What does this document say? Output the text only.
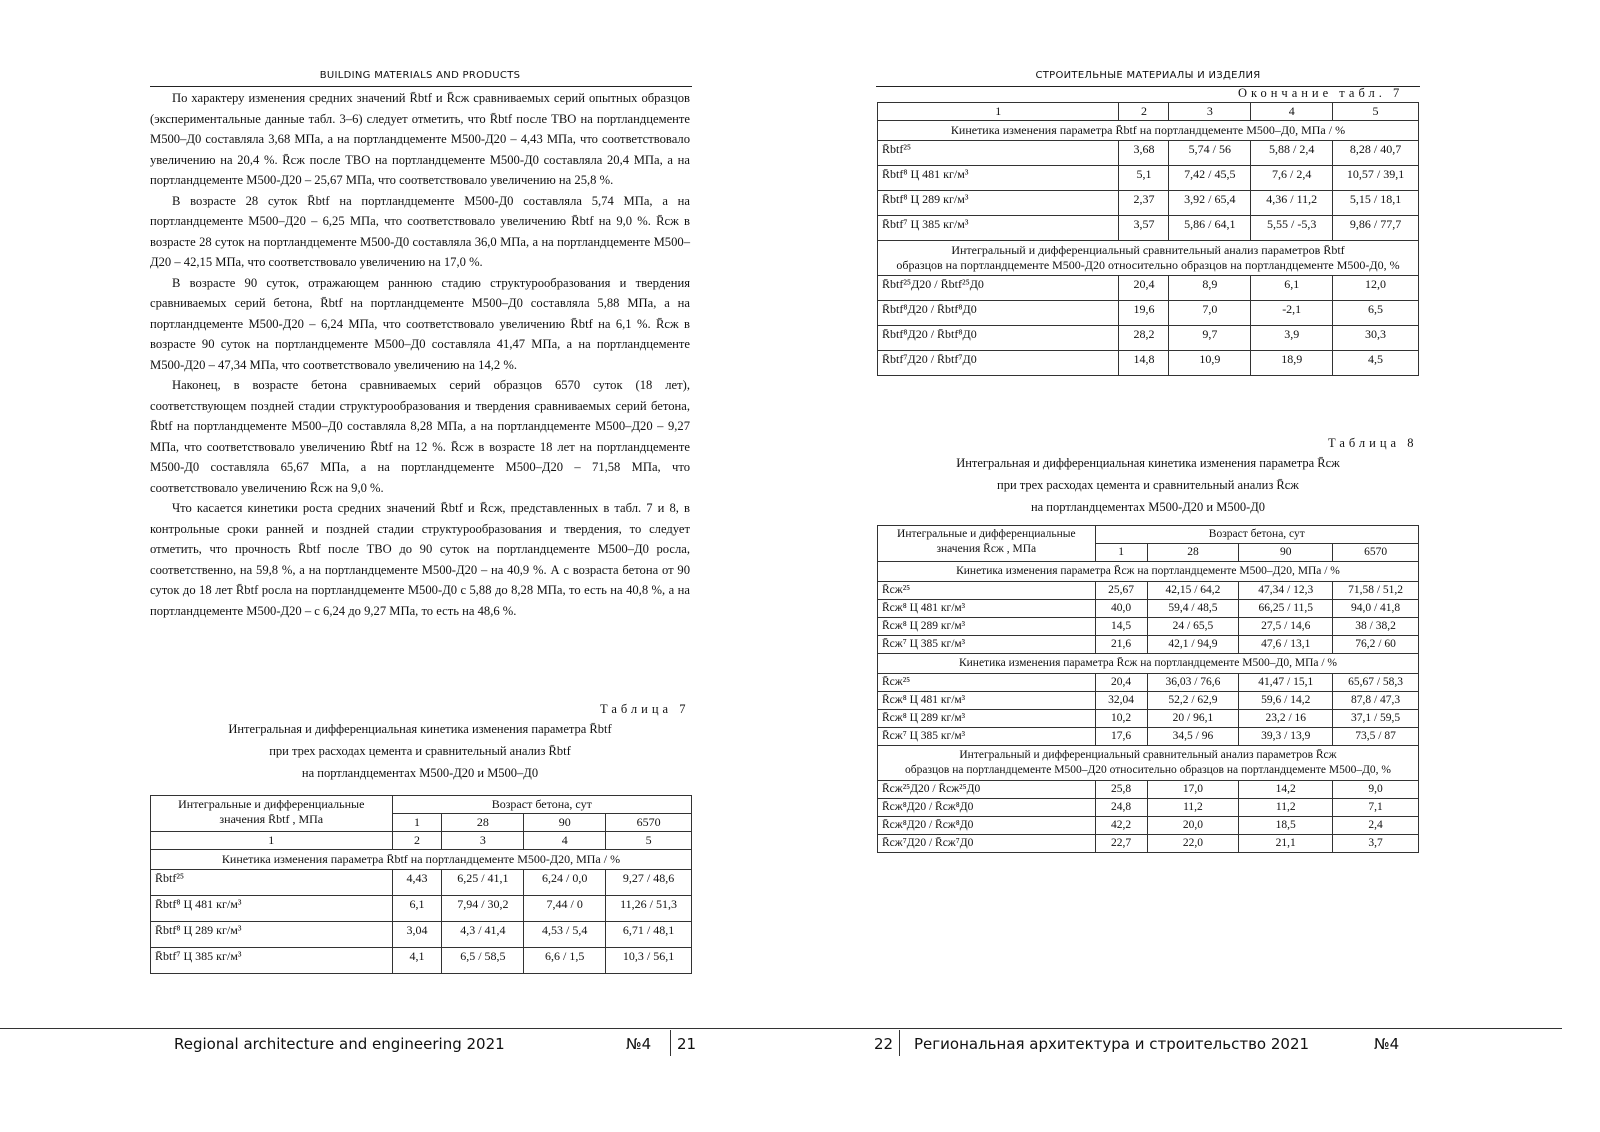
BUILDING MATERIALS AND PRODUCTS

По характеру изменения средних значений R̄btf и R̄сж сравниваемых серий опытных образцов (экспериментальные данные табл. 3–6) следует отметить, что R̄btf после ТВО на портландцементе М500–Д0 составляла 3,68 МПа, а на портландцементе М500-Д20 – 4,43 МПа, что соответствовало увеличению на 20,4 %. R̄сж после ТВО на портландцементе М500-Д0 составляла 20,4 МПа, а на портландцементе М500-Д20 – 25,67 МПа, что соответствовало увеличению на 25,8 %.

В возрасте 28 суток R̄btf на портландцементе М500-Д0 составляла 5,74 МПа, а на портландцементе М500–Д20 – 6,25 МПа, что соответствовало увеличению R̄btf на 9,0 %. R̄сж в возрасте 28 суток на портландцементе М500-Д0 составляла 36,0 МПа, а на портландцементе М500–Д20 – 42,15 МПа, что соответствовало увеличению на 17,0 %.

В возрасте 90 суток, отражающем раннюю стадию структурообразования и твердения сравниваемых серий бетона, R̄btf на портландцементе М500–Д0 составляла 5,88 МПа, а на портландцементе М500-Д20 – 6,24 МПа, что соответствовало увеличению R̄btf на 6,1 %. R̄сж в возрасте 90 суток на портландцементе М500–Д0 составляла 41,47 МПа, а на портландцементе М500-Д20 – 47,34 МПа, что соответствовало увеличению на 14,2 %.

Наконец, в возрасте бетона сравниваемых серий образцов 6570 суток (18 лет), соответствующем поздней стадии структурообразования и твердения сравниваемых серий бетона, R̄btf на портландцементе М500–Д0 составляла 8,28 МПа, а на портландцементе М500–Д20 – 9,27 МПа, что соответствовало увеличению R̄btf на 12 %. R̄сж в возрасте 18 лет на портландцементе М500-Д0 составляла 65,67 МПа, а на портландцементе М500–Д20 – 71,58 МПа, что соответствовало увеличению R̄сж на 9,0 %.

Что касается кинетики роста средних значений R̄btf и R̄сж, представленных в табл. 7 и 8, в контрольные сроки ранней и поздней стадии структурообразования и твердения, то следует отметить, что прочность R̄btf после ТВО до 90 суток на портландцементе М500–Д0 росла, соответственно, на 59,8 %, а на портландцементе М500-Д20 – на 40,9 %. А с возраста бетона от 90 суток до 18 лет R̄btf росла на портландцементе М500-Д0 с 5,88 до 8,28 МПа, то есть на 40,8 %, а на портландцементе М500-Д20 – с 6,24 до 9,27 МПа, то есть на 48,6 %.

Таблица 7
Интегральная и дифференциальная кинетика изменения параметра R̄btf
при трех расходах цемента и сравнительный анализ R̄btf
на портландцементах М500-Д20 и М500–Д0
Интегральные и дифференциальные значения R̄btf , МПа	Возраст бетона, сут			
	1	28	90	6570
1	2	3	4	5
Кинетика изменения параметра R̄btf на портландцементе М500-Д20, МПа / %				
R̄btf²⁵	4,43	6,25 / 41,1	6,24 / 0,0	9,27 / 48,6
R̄btf⁸ Ц 481 кг/м³	6,1	7,94 / 30,2	7,44 / 0	11,26 / 51,3
R̄btf⁸ Ц 289 кг/м³	3,04	4,3 / 41,4	4,53 / 5,4	6,71 / 48,1
R̄btf⁷ Ц 385 кг/м³	4,1	6,5 / 58,5	6,6 / 1,5	10,3 / 56,1
Regional architecture and engineering 2021	№4	21
СТРОИТЕЛЬНЫЕ МАТЕРИАЛЫ И ИЗДЕЛИЯ
Окончание табл. 7
1	2	3	4	5
Кинетика изменения параметра R̄btf на портландцементе М500–Д0, МПа / %				
R̄btf²⁵	3,68	5,74 / 56	5,88 / 2,4	8,28 / 40,7
R̄btf⁸ Ц 481 кг/м³	5,1	7,42 / 45,5	7,6 / 2,4	10,57 / 39,1
R̄btf⁸ Ц 289 кг/м³	2,37	3,92 / 65,4	4,36 / 11,2	5,15 / 18,1
R̄btf⁷ Ц 385 кг/м³	3,57	5,86 / 64,1	5,55 / -5,3	9,86 / 77,7

Интегральный и дифференциальный сравнительный анализ параметров R̄btf
образцов на портландцементе М500-Д20 относительно образцов на портландцементе М500-Д0, %				

R̄btf²⁵Д20 / R̄btf²⁵Д0	20,4	8,9	6,1	12,0
R̄btf⁸Д20 / R̄btf⁸Д0	19,6	7,0	-2,1	6,5
R̄btf⁸Д20 / R̄btf⁸Д0	28,2	9,7	3,9	30,3
R̄btf⁷Д20 / R̄btf⁷Д0	14,8	10,9	18,9	4,5
Таблица 8
Интегральная и дифференциальная кинетика изменения параметра R̄сж
при трех расходах цемента и сравнительный анализ R̄сж
на портландцементах М500-Д20 и М500-Д0
Интегральные и дифференциальные значения R̄сж , МПа	Возраст бетона, сут			
	1	28	90	6570
Кинетика изменения параметра R̄сж на портландцементе М500–Д20, МПа / %				
R̄сж²⁵	25,67	42,15 / 64,2	47,34 / 12,3	71,58 / 51,2
R̄сж⁸ Ц 481 кг/м³	40,0	59,4 / 48,5	66,25 / 11,5	94,0 / 41,8
R̄сж⁸ Ц 289 кг/м³	14,5	24 / 65,5	27,5 / 14,6	38 / 38,2
R̄сж⁷ Ц 385 кг/м³	21,6	42,1 / 94,9	47,6 / 13,1	76,2 / 60
Кинетика изменения параметра R̄сж на портландцементе М500–Д0, МПа / %				
R̄сж²⁵	20,4	36,03 / 76,6	41,47 / 15,1	65,67 / 58,3
R̄сж⁸ Ц 481 кг/м³	32,04	52,2 / 62,9	59,6 / 14,2	87,8 / 47,3
R̄сж⁸ Ц 289 кг/м³	10,2	20 / 96,1	23,2 / 16	37,1 / 59,5
R̄сж⁷ Ц 385 кг/м³	17,6	34,5 / 96	39,3 / 13,9	73,5 / 87

Интегральный и дифференциальный сравнительный анализ параметров R̄сж
образцов на портландцементе М500–Д20 относительно образцов на портландцементе М500–Д0, %				

R̄сж²⁵Д20 / R̄сж²⁵Д0	25,8	17,0	14,2	9,0
R̄сж⁸Д20 / R̄сж⁸Д0	24,8	11,2	11,2	7,1
R̄сж⁸Д20 / R̄сж⁸Д0	42,2	20,0	18,5	2,4
R̄сж⁷Д20 / R̄сж⁷Д0	22,7	22,0	21,1	3,7
22	Региональная архитектура и строительство 2021	№4
